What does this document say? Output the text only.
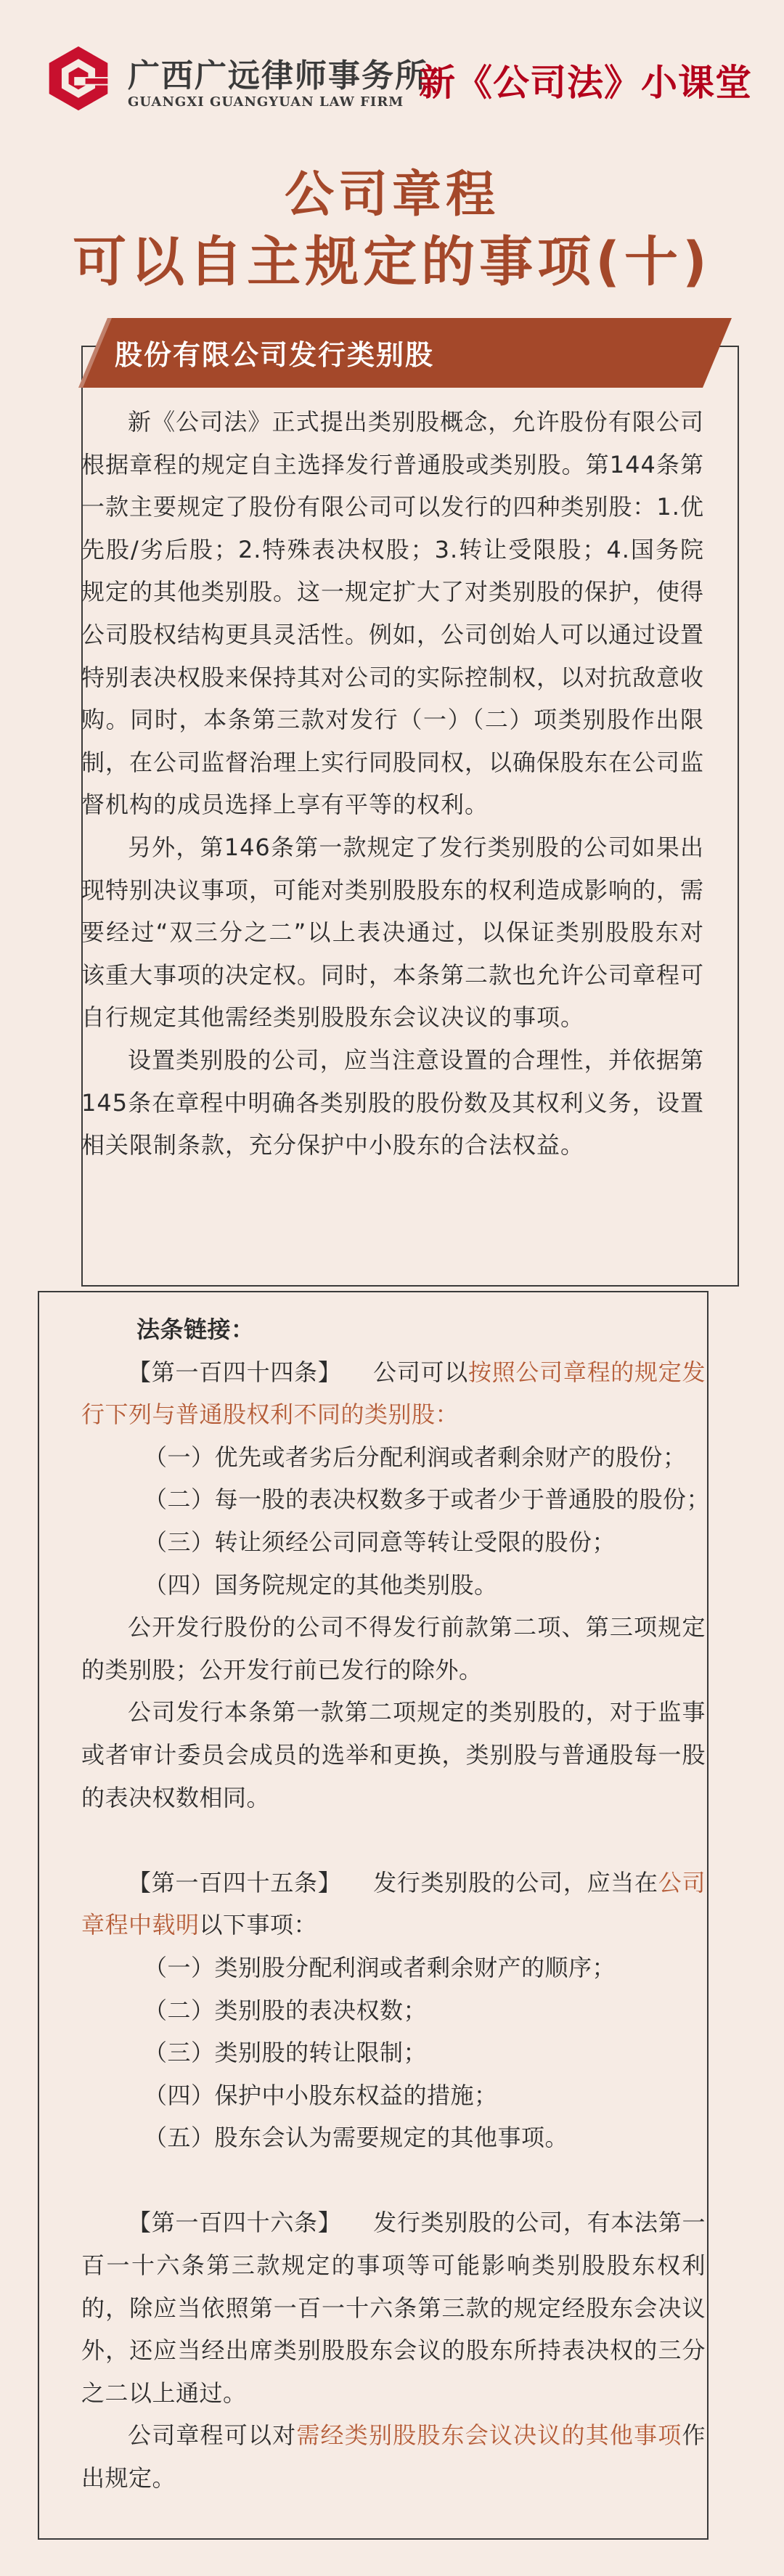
广西广远律师事务所
GUANGXI GUANGYUAN LAW FIRM 新《公司法》小课堂
公司章程
可以自主规定的事项(十)
股份有限公司发行类别股

新《公司法》正式提出类别股概念，允许股份有限公司根据章程的规定自主选择发行普通股或类别股。第144条第一款主要规定了股份有限公司可以发行的四种类别股：1.优先股/劣后股；2.特殊表决权股；3.转让受限股；4.国务院规定的其他类别股。这一规定扩大了对类别股的保护，使得公司股权结构更具灵活性。例如，公司创始人可以通过设置特别表决权股来保持其对公司的实际控制权，以对抗敌意收购。同时，本条第三款对发行（一）（二）项类别股作出限制，在公司监督治理上实行同股同权，以确保股东在公司监督机构的成员选择上享有平等的权利。

另外，第146条第一款规定了发行类别股的公司如果出现特别决议事项，可能对类别股股东的权利造成影响的，需要经过“双三分之二”以上表决通过，以保证类别股股东对该重大事项的决定权。同时，本条第二款也允许公司章程可自行规定其他需经类别股股东会议决议的事项。

设置类别股的公司，应当注意设置的合理性，并依据第145条在章程中明确各类别股的股份数及其权利义务，设置相关限制条款，充分保护中小股东的合法权益。

法条链接：

【第一百四十四条】 公司可以按照公司章程的规定发行下列与普通股权利不同的类别股：

（一）优先或者劣后分配利润或者剩余财产的股份；

（二）每一股的表决权数多于或者少于普通股的股份；

（三）转让须经公司同意等转让受限的股份；

（四）国务院规定的其他类别股。

公开发行股份的公司不得发行前款第二项、第三项规定的类别股；公开发行前已发行的除外。

公司发行本条第一款第二项规定的类别股的，对于监事或者审计委员会成员的选举和更换，类别股与普通股每一股的表决权数相同。

【第一百四十五条】 发行类别股的公司，应当在公司章程中载明以下事项：

（一）类别股分配利润或者剩余财产的顺序；

（二）类别股的表决权数；

（三）类别股的转让限制；

（四）保护中小股东权益的措施；

（五）股东会认为需要规定的其他事项。

【第一百四十六条】 发行类别股的公司，有本法第一百一十六条第三款规定的事项等可能影响类别股股东权利的，除应当依照第一百一十六条第三款的规定经股东会决议外，还应当经出席类别股股东会议的股东所持表决权的三分之二以上通过。

公司章程可以对需经类别股股东会议决议的其他事项作出规定。
